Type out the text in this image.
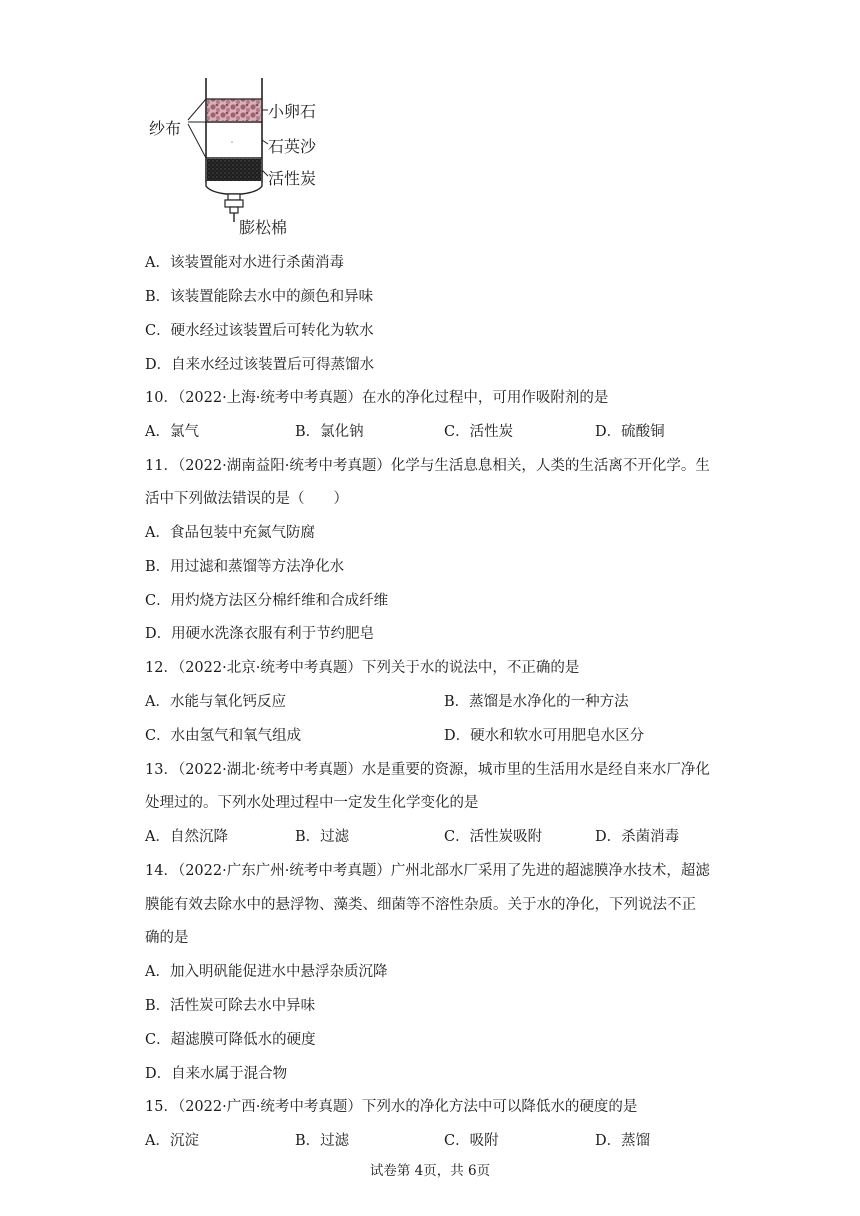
纱布
小卵石
石英沙
活性炭
膨松棉
A．该装置能对水进行杀菌消毒
B．该装置能除去水中的颜色和异味
C．硬水经过该装置后可转化为软水
D．自来水经过该装置后可得蒸馏水
10．（2022·上海·统考中考真题）在水的净化过程中，可用作吸附剂的是
A．氯气	B．氯化钠	C．活性炭	D．硫酸铜
11．（2022·湖南益阳·统考中考真题）化学与生活息息相关，人类的生活离不开化学。生
活中下列做法错误的是（　　）
A．食品包装中充氮气防腐
B．用过滤和蒸馏等方法净化水
C．用灼烧方法区分棉纤维和合成纤维
D．用硬水洗涤衣服有利于节约肥皂
12．（2022·北京·统考中考真题）下列关于水的说法中，不正确的是
A．水能与氧化钙反应	B．蒸馏是水净化的一种方法
C．水由氢气和氧气组成	D．硬水和软水可用肥皂水区分
13．（2022·湖北·统考中考真题）水是重要的资源，城市里的生活用水是经自来水厂净化
处理过的。下列水处理过程中一定发生化学变化的是
A．自然沉降	B．过滤	C．活性炭吸附	D．杀菌消毒
14．（2022·广东广州·统考中考真题）广州北部水厂采用了先进的超滤膜净水技术，超滤
膜能有效去除水中的悬浮物、藻类、细菌等不溶性杂质。关于水的净化，下列说法不正
确的是
A．加入明矾能促进水中悬浮杂质沉降
B．活性炭可除去水中异味
C．超滤膜可降低水的硬度
D．自来水属于混合物
15．（2022·广西·统考中考真题）下列水的净化方法中可以降低水的硬度的是
A．沉淀	B．过滤	C．吸附	D．蒸馏
试卷第 4页，共 6页
